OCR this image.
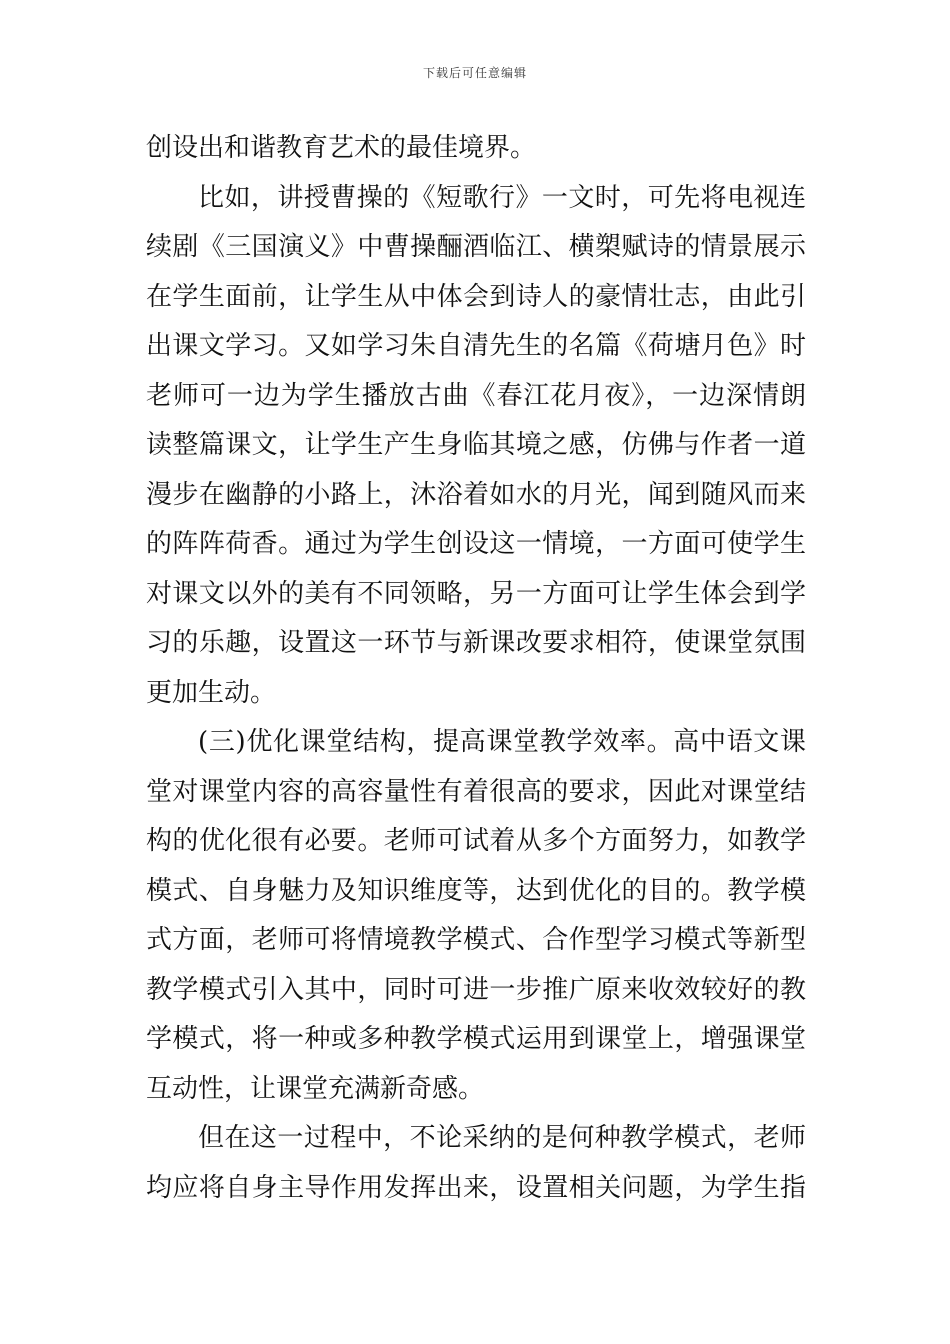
下载后可任意编辑
创设出和谐教育艺术的最佳境界。
比如，讲授曹操的《短歌行》一文时，可先将电视连
续剧《三国演义》中曹操酾酒临江、横槊赋诗的情景展示
在学生面前，让学生从中体会到诗人的豪情壮志，由此引
出课文学习。又如学习朱自清先生的名篇《荷塘月色》时
老师可一边为学生播放古曲《春江花月夜》，一边深情朗
读整篇课文，让学生产生身临其境之感，仿佛与作者一道
漫步在幽静的小路上，沐浴着如水的月光，闻到随风而来
的阵阵荷香。通过为学生创设这一情境，一方面可使学生
对课文以外的美有不同领略，另一方面可让学生体会到学
习的乐趣，设置这一环节与新课改要求相符，使课堂氛围
更加生动。
(三)优化课堂结构，提高课堂教学效率。高中语文课
堂对课堂内容的高容量性有着很高的要求，因此对课堂结
构的优化很有必要。老师可试着从多个方面努力，如教学
模式、自身魅力及知识维度等，达到优化的目的。教学模
式方面，老师可将情境教学模式、合作型学习模式等新型
教学模式引入其中，同时可进一步推广原来收效较好的教
学模式，将一种或多种教学模式运用到课堂上，增强课堂
互动性，让课堂充满新奇感。
但在这一过程中，不论采纳的是何种教学模式，老师
均应将自身主导作用发挥出来，设置相关问题，为学生指
